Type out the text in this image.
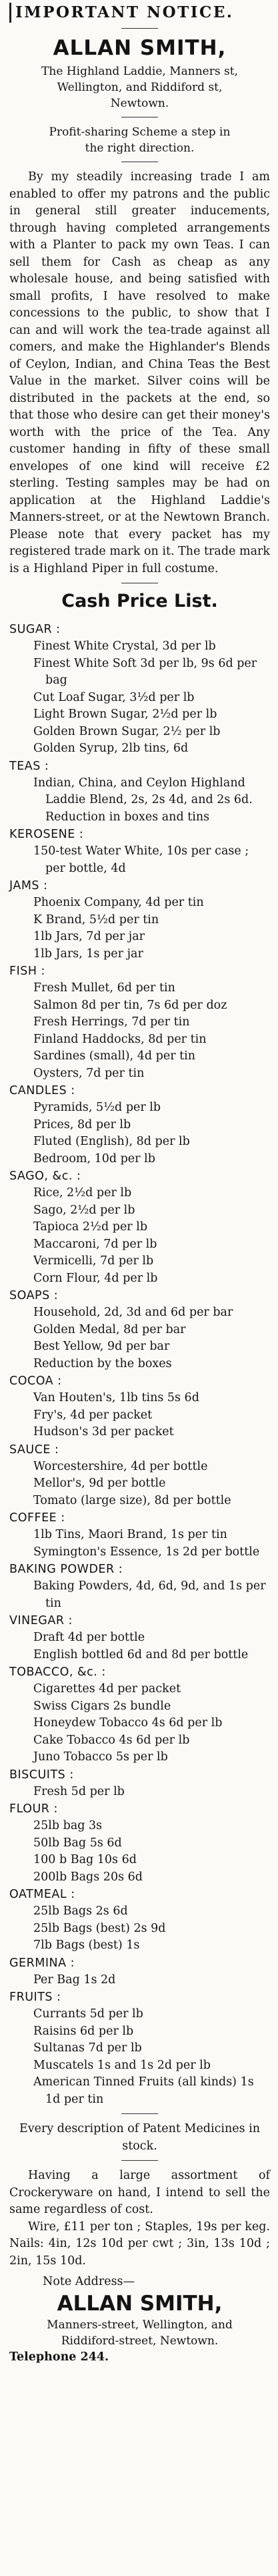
IMPORTANT NOTICE.
ALLAN SMITH,

The Highland Laddie, Manners st,

Wellington, and Riddiford st,

Newtown.

Profit-sharing Scheme a step in

the right direction.

By my steadily increasing trade I am enabled to offer my patrons and the public in general still greater inducements, through having completed arrangements with a Planter to pack my own Teas. I can sell them for Cash as cheap as any wholesale house, and being satisfied with small profits, I have resolved to make concessions to the public, to show that I can and will work the tea-trade against all comers, and make the Highlander's Blends of Ceylon, Indian, and China Teas the Best Value in the market. Silver coins will be distributed in the packets at the end, so that those who desire can get their money's worth with the price of the Tea. Any customer handing in fifty of these small envelopes of one kind will receive £2 sterling. Testing samples may be had on application at the Highland Laddie's Manners-street, or at the Newtown Branch. Please note that every packet has my registered trade mark on it. The trade mark is a Highland Piper in full costume.

Cash Price List.

SUGAR :

Finest White Crystal, 3d per lb

Finest White Soft 3d per lb, 9s 6d per bag

Cut Loaf Sugar, 3½d per lb

Light Brown Sugar, 2½d per lb

Golden Brown Sugar, 2½ per lb

Golden Syrup, 2lb tins, 6d

TEAS :

Indian, China, and Ceylon Highland Laddie Blend, 2s, 2s 4d, and 2s 6d. Reduction in boxes and tins

KEROSENE :

150-test Water White, 10s per case ; per bottle, 4d

JAMS :

Phoenix Company, 4d per tin

K Brand, 5½d per tin

1lb Jars, 7d per jar

1lb Jars, 1s per jar

FISH :

Fresh Mullet, 6d per tin

Salmon 8d per tin, 7s 6d per doz

Fresh Herrings, 7d per tin

Finland Haddocks, 8d per tin

Sardines (small), 4d per tin

Oysters, 7d per tin

CANDLES :

Pyramids, 5½d per lb

Prices, 8d per lb

Fluted (English), 8d per lb

Bedroom, 10d per lb

SAGO, &c. :

Rice, 2½d per lb

Sago, 2½d per lb

Tapioca 2½d per lb

Maccaroni, 7d per lb

Vermicelli, 7d per lb

Corn Flour, 4d per lb

SOAPS :

Household, 2d, 3d and 6d per bar

Golden Medal, 8d per bar

Best Yellow, 9d per bar

Reduction by the boxes

COCOA :

Van Houten's, 1lb tins 5s 6d

Fry's, 4d per packet

Hudson's 3d per packet

SAUCE :

Worcestershire, 4d per bottle

Mellor's, 9d per bottle

Tomato (large size), 8d per bottle

COFFEE :

1lb Tins, Maori Brand, 1s per tin

Symington's Essence, 1s 2d per bottle

BAKING POWDER :

Baking Powders, 4d, 6d, 9d, and 1s per tin

VINEGAR :

Draft 4d per bottle

English bottled 6d and 8d per bottle

TOBACCO, &c. :

Cigarettes 4d per packet

Swiss Cigars 2s bundle

Honeydew Tobacco 4s 6d per lb

Cake Tobacco 4s 6d per lb

Juno Tobacco 5s per lb

BISCUITS :

Fresh 5d per lb

FLOUR :

25lb bag 3s

50lb Bag 5s 6d

100 b Bag 10s 6d

200lb Bags 20s 6d

OATMEAL :

25lb Bags 2s 6d

25lb Bags (best) 2s 9d

7lb Bags (best) 1s

GERMINA :

Per Bag 1s 2d

FRUITS :

Currants 5d per lb

Raisins 6d per lb

Sultanas 7d per lb

Muscatels 1s and 1s 2d per lb

American Tinned Fruits (all kinds) 1s 1d per tin

Every description of Patent Medicines in stock.

Having a large assortment of Crockeryware on hand, I intend to sell the same regardless of cost.

Wire, £11 per ton ; Staples, 19s per keg. Nails: 4in, 12s 10d per cwt ; 3in, 13s 10d ; 2in, 15s 10d.

Note Address—

ALLAN SMITH,

Manners-street, Wellington, and

Riddiford-street, Newtown.

Telephone 244.
